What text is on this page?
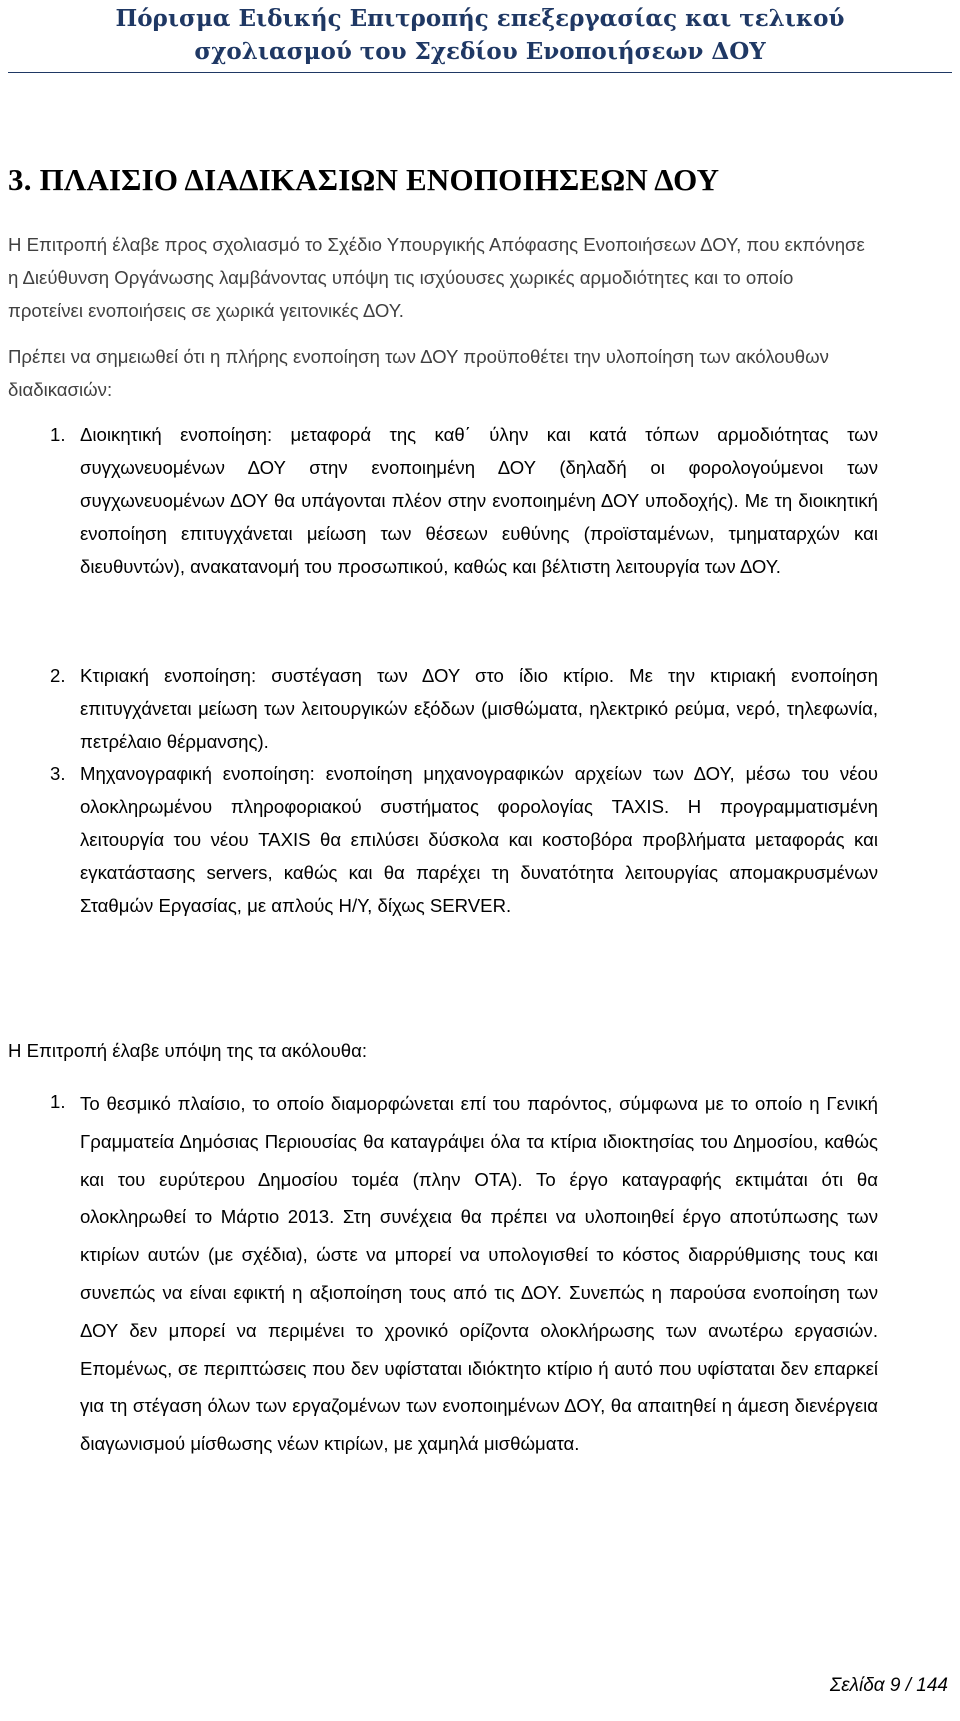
Πόρισμα Ειδικής Επιτροπής επεξεργασίας και τελικού
σχολιασμού του Σχεδίου Ενοποιήσεων ΔΟΥ
3. ΠΛΑΙΣΙΟ ΔΙΑΔΙΚΑΣΙΩΝ ΕΝΟΠΟΙΗΣΕΩΝ ΔΟΥ
Η Επιτροπή έλαβε προς σχολιασμό το Σχέδιο Υπουργικής Απόφασης Ενοποιήσεων ΔΟΥ, που εκπόνησε η Διεύθυνση Οργάνωσης λαμβάνοντας υπόψη τις ισχύουσες χωρικές αρμοδιότητες και το οποίο προτείνει ενοποιήσεις σε χωρικά γειτονικές ΔΟΥ.
Πρέπει να σημειωθεί ότι η πλήρης ενοποίηση των ΔΟΥ προϋποθέτει την υλοποίηση των ακόλουθων διαδικασιών:
1. Διοικητική ενοποίηση: μεταφορά της καθ΄ ύλην και κατά τόπων αρμοδιότητας των συγχωνευομένων ΔΟΥ στην ενοποιημένη ΔΟΥ (δηλαδή οι φορολογούμενοι των συγχωνευομένων ΔΟΥ θα υπάγονται πλέον στην ενοποιημένη ΔΟΥ υποδοχής). Με τη διοικητική ενοποίηση επιτυγχάνεται μείωση των θέσεων ευθύνης (προϊσταμένων, τμηματαρχών και διευθυντών), ανακατανομή του προσωπικού, καθώς και βέλτιστη λειτουργία των ΔΟΥ.
2. Κτιριακή ενοποίηση: συστέγαση των ΔΟΥ στο ίδιο κτίριο. Με την κτιριακή ενοποίηση επιτυγχάνεται μείωση των λειτουργικών εξόδων (μισθώματα, ηλεκτρικό ρεύμα, νερό, τηλεφωνία, πετρέλαιο θέρμανσης).
3. Μηχανογραφική ενοποίηση: ενοποίηση μηχανογραφικών αρχείων των ΔΟΥ, μέσω του νέου ολοκληρωμένου πληροφοριακού συστήματος φορολογίας TAXIS. Η προγραμματισμένη λειτουργία του νέου TAXIS θα επιλύσει δύσκολα και κοστοβόρα προβλήματα μεταφοράς και εγκατάστασης servers, καθώς και θα παρέχει τη δυνατότητα λειτουργίας απομακρυσμένων Σταθμών Εργασίας, με απλούς Η/Υ, δίχως SERVER.
Η Επιτροπή έλαβε υπόψη της τα ακόλουθα:
1. Το θεσμικό πλαίσιο, το οποίο διαμορφώνεται επί του παρόντος, σύμφωνα με το οποίο η Γενική Γραμματεία Δημόσιας Περιουσίας θα καταγράψει όλα τα κτίρια ιδιοκτησίας του Δημοσίου, καθώς και του ευρύτερου Δημοσίου τομέα (πλην ΟΤΑ). Το έργο καταγραφής εκτιμάται ότι θα ολοκληρωθεί το Μάρτιο 2013. Στη συνέχεια θα πρέπει να υλοποιηθεί έργο αποτύπωσης των κτιρίων αυτών (με σχέδια), ώστε να μπορεί να υπολογισθεί το κόστος διαρρύθμισης τους και συνεπώς να είναι εφικτή η αξιοποίηση τους από τις ΔΟΥ. Συνεπώς η παρούσα ενοποίηση των ΔΟΥ δεν μπορεί να περιμένει το χρονικό ορίζοντα ολοκλήρωσης των ανωτέρω εργασιών. Επομένως, σε περιπτώσεις που δεν υφίσταται ιδιόκτητο κτίριο ή αυτό που υφίσταται δεν επαρκεί για τη στέγαση όλων των εργαζομένων των ενοποιημένων ΔΟΥ, θα απαιτηθεί η άμεση διενέργεια διαγωνισμού μίσθωσης νέων κτιρίων, με χαμηλά μισθώματα.
Σελίδα 9 / 144
